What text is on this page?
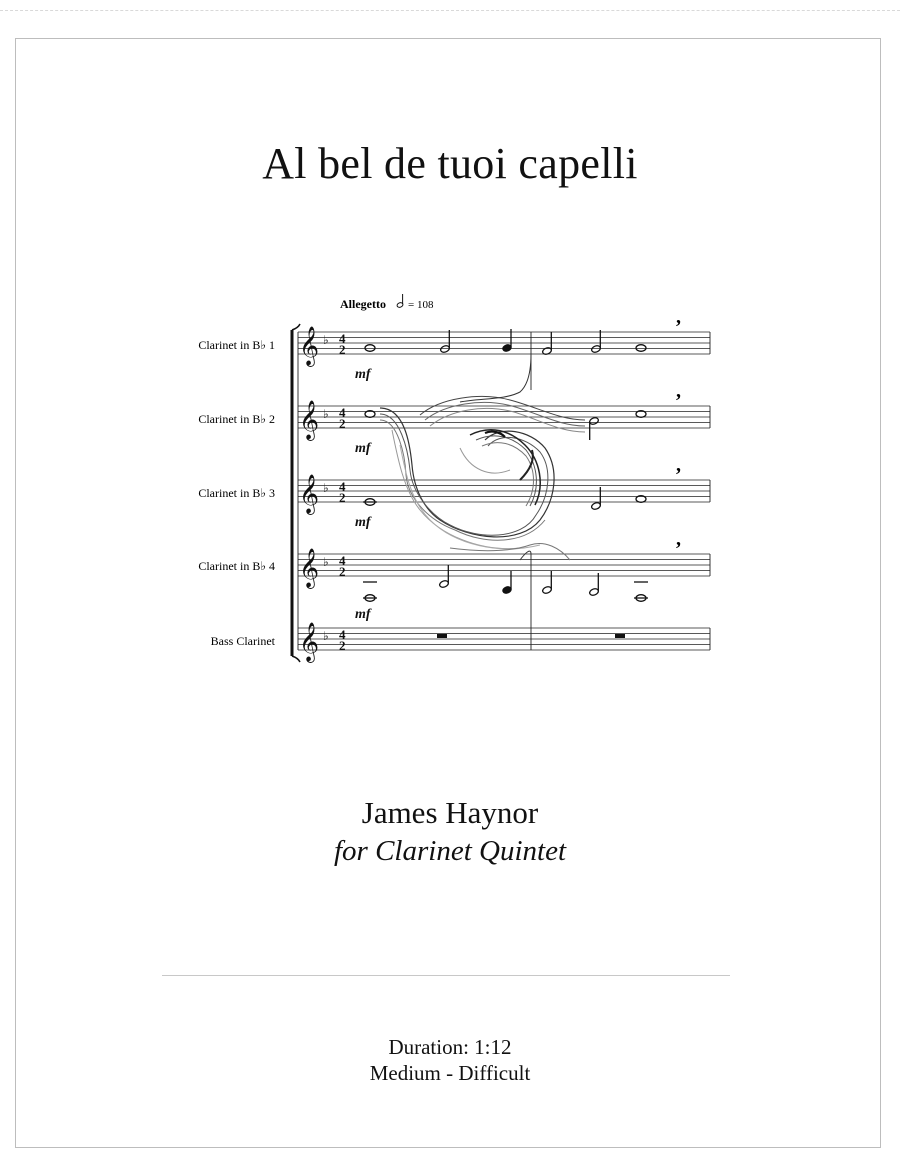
Al bel de tuoi capelli
Allegetto = 108
Clarinet in B♭ 1
Clarinet in B♭ 2
Clarinet in B♭ 3
Clarinet in B♭ 4
Bass Clarinet
𝄞
𝄞
𝄞
𝄞
𝄞
♭
♭
♭
♭
♭
4
2
4
2
4
2
4
2
4
2
mf
mf
mf
mf
,
,
,
,
James Haynor
for Clarinet Quintet
Duration: 1:12
Medium - Difficult
